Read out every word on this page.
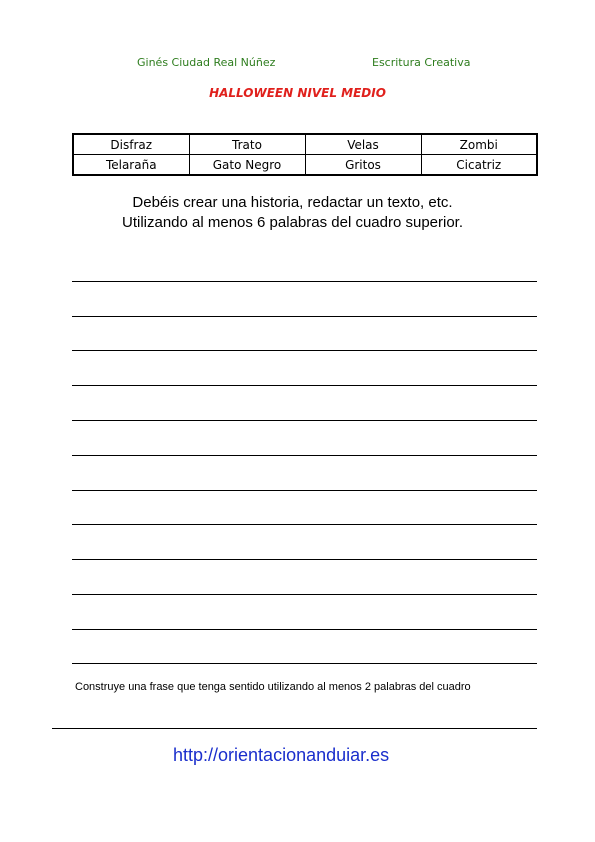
Ginés Ciudad Real Núñez	Escritura Creativa
HALLOWEEN NIVEL MEDIO
Disfraz	Trato	Velas	Zombi
Telaraña	Gato Negro	Gritos	Cicatriz
Debéis crear una historia, redactar un texto, etc.
Utilizando al menos 6 palabras del cuadro superior.
Construye una frase que tenga sentido utilizando al menos 2 palabras del cuadro
http://orientacionanduiar.es
